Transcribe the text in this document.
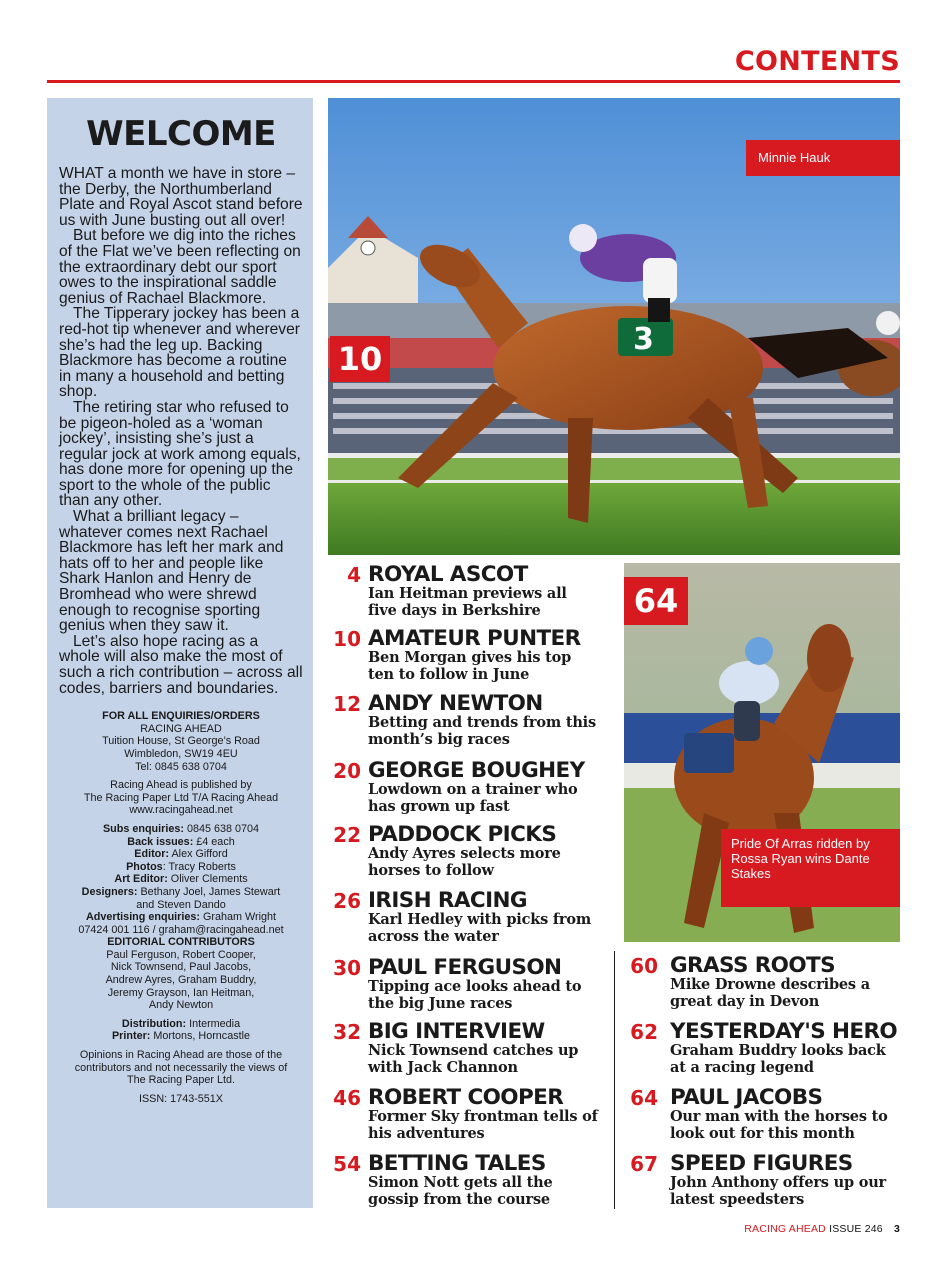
CONTENTS
WELCOME

WHAT a month we have in store – the Derby, the Northumberland Plate and Royal Ascot stand before us with June busting out all over!

But before we dig into the riches of the Flat we’ve been reflecting on the extraordinary debt our sport owes to the inspirational saddle genius of Rachael Blackmore.

The Tipperary jockey has been a red-hot tip whenever and wherever she’s had the leg up. Backing Blackmore has become a routine in many a household and betting shop.

The retiring star who refused to be pigeon-holed as a ‘woman jockey’, insisting she’s just a regular jock at work among equals, has done more for opening up the sport to the whole of the public than any other.

What a brilliant legacy – whatever comes next Rachael Blackmore has left her mark and hats off to her and people like Shark Hanlon and Henry de Bromhead who were shrewd enough to recognise sporting genius when they saw it.

Let’s also hope racing as a whole will also make the most of such a rich contribution – across all codes, barriers and boundaries.

FOR ALL ENQUIRIES/ORDERS
RACING AHEAD
Tuition House, St George’s Road
Wimbledon, SW19 4EU
Tel: 0845 638 0704
Racing Ahead is published by
The Racing Paper Ltd T/A Racing Ahead
www.racingahead.net
Subs enquiries: 0845 638 0704
Back issues: £4 each
Editor: Alex Gifford
Photos: Tracy Roberts
Art Editor: Oliver Clements
Designers: Bethany Joel, James Stewart
and Steven Dando
Advertising enquiries: Graham Wright
07424 001 116 / graham@racingahead.net
EDITORIAL CONTRIBUTORS
Paul Ferguson, Robert Cooper,
Nick Townsend, Paul Jacobs,
Andrew Ayres, Graham Buddry,
Jeremy Grayson, Ian Heitman,
Andy Newton
Distribution: Intermedia
Printer: Mortons, Horncastle
Opinions in Racing Ahead are those of the
contributors and not necessarily the views of
The Racing Paper Ltd.
ISSN: 1743-551X
3
10
Minnie Hauk
64
Pride Of Arras ridden by Rossa Ryan wins Dante Stakes
4 ROYAL ASCOT
Ian Heitman previews all five days in Berkshire
10 AMATEUR PUNTER
Ben Morgan gives his top ten to follow in June
12 ANDY NEWTON
Betting and trends from this month’s big races
20 GEORGE BOUGHEY
Lowdown on a trainer who has grown up fast
22 PADDOCK PICKS
Andy Ayres selects more horses to follow
26 IRISH RACING
Karl Hedley with picks from across the water
30 PAUL FERGUSON
Tipping ace looks ahead to the big June races
32 BIG INTERVIEW
Nick Townsend catches up with Jack Channon
46 ROBERT COOPER
Former Sky frontman tells of his adventures
54 BETTING TALES
Simon Nott gets all the gossip from the course
60 GRASS ROOTS
Mike Drowne describes a great day in Devon
62 YESTERDAY'S HERO
Graham Buddry looks back at a racing legend
64 PAUL JACOBS
Our man with the horses to look out for this month
67 SPEED FIGURES
John Anthony offers up our latest speedsters
RACING AHEAD ISSUE 246 3
